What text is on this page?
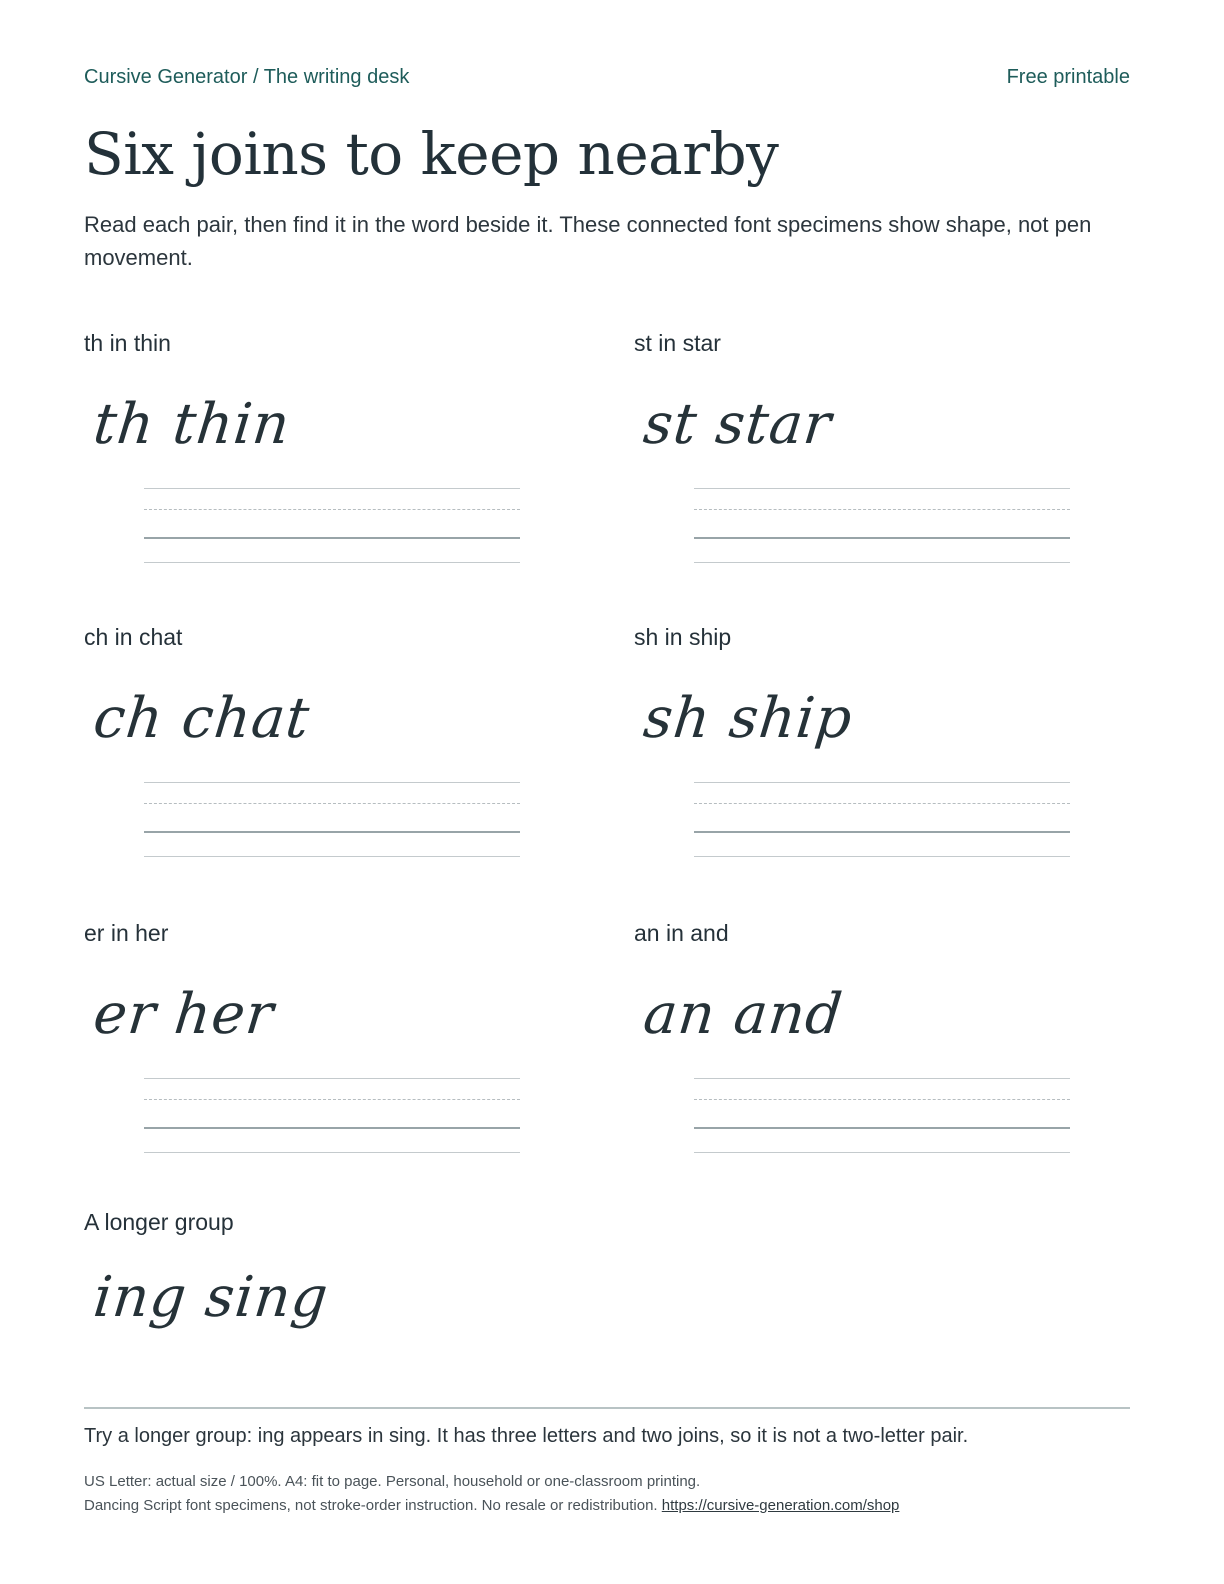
Cursive Generator / The writing desk	Free printable
Six joins to keep nearby
Read each pair, then find it in the word beside it. These connected font specimens show shape, not pen movement.
th in thin
th thin
st in star
st star
ch in chat
ch chat
sh in ship
sh ship
er in her
er her
an in and
an and
A longer group
ing sing
Try a longer group: ing appears in sing. It has three letters and two joins, so it is not a two-letter pair.
US Letter: actual size / 100%. A4: fit to page. Personal, household or one-classroom printing.
Dancing Script font specimens, not stroke-order instruction. No resale or redistribution. https://cursive-generation.com/shop
